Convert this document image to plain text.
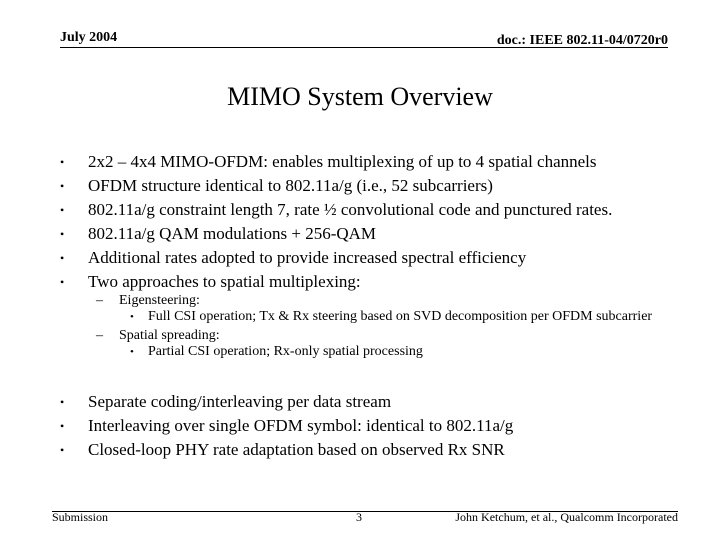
July 2004	doc.: IEEE 802.11-04/0720r0
MIMO System Overview
• 2x2 – 4x4 MIMO-OFDM: enables multiplexing of up to 4 spatial channels
• OFDM structure identical to 802.11a/g (i.e., 52 subcarriers)
• 802.11a/g constraint length 7, rate ½ convolutional code and punctured rates.
• 802.11a/g QAM modulations + 256-QAM
• Additional rates adopted to provide increased spectral efficiency
• Two approaches to spatial multiplexing:
– Eigensteering:
• Full CSI operation; Tx & Rx steering based on SVD decomposition per OFDM subcarrier
– Spatial spreading:
• Partial CSI operation; Rx-only spatial processing
• Separate coding/interleaving per data stream
• Interleaving over single OFDM symbol: identical to 802.11a/g
• Closed-loop PHY rate adaptation based on observed Rx SNR
Submission	3	John Ketchum, et al., Qualcomm Incorporated
